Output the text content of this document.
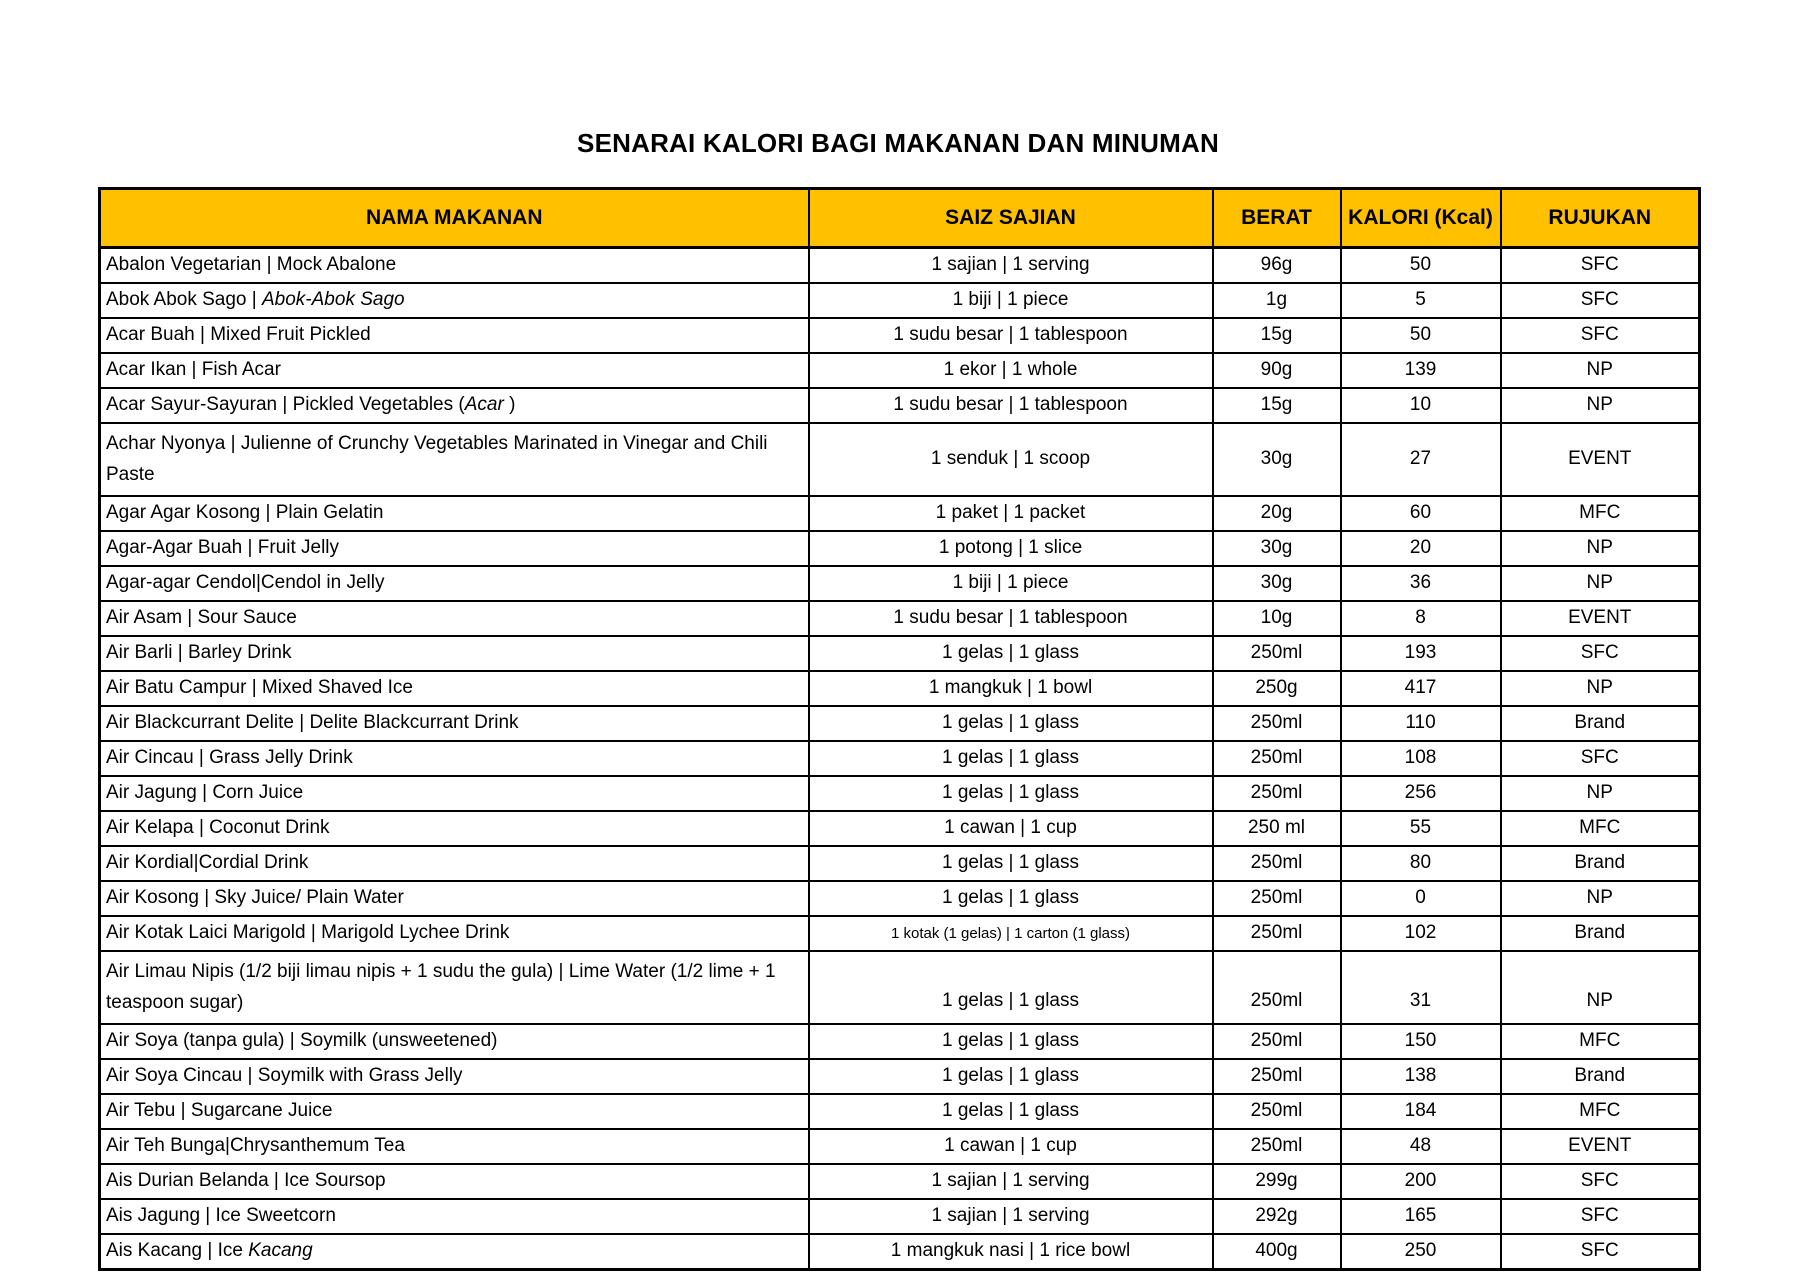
SENARAI KALORI BAGI MAKANAN DAN MINUMAN
NAMA MAKANAN	SAIZ SAJIAN	BERAT	KALORI (Kcal)	RUJUKAN
Abalon Vegetarian | Mock Abalone	1 sajian | 1 serving	96g	50	SFC
Abok Abok Sago | Abok-Abok Sago	1 biji | 1 piece	1g	5	SFC
Acar Buah | Mixed Fruit Pickled	1 sudu besar | 1 tablespoon	15g	50	SFC
Acar Ikan | Fish Acar	1 ekor | 1 whole	90g	139	NP
Acar Sayur-Sayuran | Pickled Vegetables (Acar )	1 sudu besar | 1 tablespoon	15g	10	NP
Achar Nyonya | Julienne of Crunchy Vegetables Marinated in Vinegar and Chili Paste	1 senduk | 1 scoop	30g	27	EVENT
Agar Agar Kosong | Plain Gelatin	1 paket | 1 packet	20g	60	MFC
Agar-Agar Buah | Fruit Jelly	1 potong | 1 slice	30g	20	NP
Agar-agar Cendol|Cendol in Jelly	1 biji | 1 piece	30g	36	NP
Air Asam | Sour Sauce	1 sudu besar | 1 tablespoon	10g	8	EVENT
Air Barli | Barley Drink	1 gelas | 1 glass	250ml	193	SFC
Air Batu Campur | Mixed Shaved Ice	1 mangkuk | 1 bowl	250g	417	NP
Air Blackcurrant Delite | Delite Blackcurrant Drink	1 gelas | 1 glass	250ml	110	Brand
Air Cincau | Grass Jelly Drink	1 gelas | 1 glass	250ml	108	SFC
Air Jagung | Corn Juice	1 gelas | 1 glass	250ml	256	NP
Air Kelapa | Coconut Drink	1 cawan | 1 cup	250 ml	55	MFC
Air Kordial|Cordial Drink	1 gelas | 1 glass	250ml	80	Brand
Air Kosong | Sky Juice/ Plain Water	1 gelas | 1 glass	250ml	0	NP
Air Kotak Laici Marigold | Marigold Lychee Drink	1 kotak (1 gelas) | 1 carton (1 glass)	250ml	102	Brand
Air Limau Nipis (1/2 biji limau nipis + 1 sudu the gula) | Lime Water (1/2 lime + 1 teaspoon sugar)	1 gelas | 1 glass	250ml	31	NP
Air Soya (tanpa gula) | Soymilk (unsweetened)	1 gelas | 1 glass	250ml	150	MFC
Air Soya Cincau | Soymilk with Grass Jelly	1 gelas | 1 glass	250ml	138	Brand
Air Tebu | Sugarcane Juice	1 gelas | 1 glass	250ml	184	MFC
Air Teh Bunga|Chrysanthemum Tea	1 cawan | 1 cup	250ml	48	EVENT
Ais Durian Belanda | Ice Soursop	1 sajian | 1 serving	299g	200	SFC
Ais Jagung | Ice Sweetcorn	1 sajian | 1 serving	292g	165	SFC
Ais Kacang | Ice Kacang	1 mangkuk nasi | 1 rice bowl	400g	250	SFC
